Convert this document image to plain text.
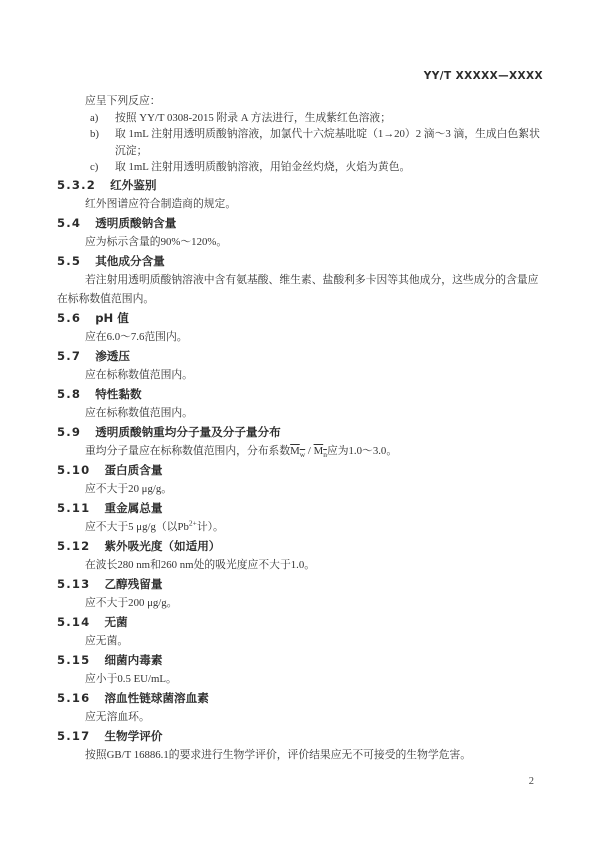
YY/T XXXXX—XXXX

应呈下列反应：

a) 按照 YY/T 0308-2015 附录 A 方法进行，生成紫红色溶液；
b) 取 1mL 注射用透明质酸钠溶液，加氯代十六烷基吡啶（1→20）2 滴～3 滴，生成白色絮状沉淀；
c) 取 1mL 注射用透明质酸钠溶液，用铂金丝灼烧，火焰为黄色。
5.3.2 红外鉴别

红外图谱应符合制造商的规定。

5.4 透明质酸钠含量

应为标示含量的90%～120%。

5.5 其他成分含量

若注射用透明质酸钠溶液中含有氨基酸、维生素、盐酸利多卡因等其他成分，这些成分的含量应在标称数值范围内。

5.6 pH 值

应在6.0～7.6范围内。

5.7 渗透压

应在标称数值范围内。

5.8 特性黏数

应在标称数值范围内。

5.9 透明质酸钠重均分子量及分子量分布

重均分子量应在标称数值范围内，分布系数$M_w / M_n$应为1.0～3.0。

5.10 蛋白质含量

应不大于20 μg/g。

5.11 重金属总量

应不大于5 μg/g（以$Pb^{2+}$计）。

5.12 紫外吸光度（如适用）

在波长280 nm和260 nm处的吸光度应不大于1.0。

5.13 乙醇残留量

应不大于200 μg/g。

5.14 无菌

应无菌。

5.15 细菌内毒素

应小于0.5 EU/mL。

5.16 溶血性链球菌溶血素

应无溶血环。

5.17 生物学评价

按照GB/T 16886.1的要求进行生物学评价，评价结果应无不可接受的生物学危害。

2
